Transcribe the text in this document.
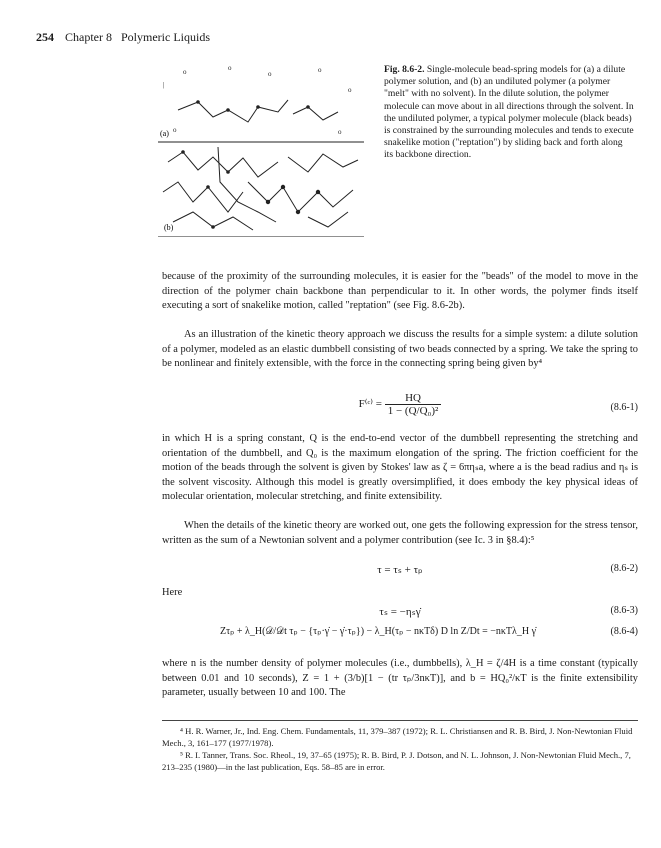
254 Chapter 8 Polymeric Liquids
o	o
o	o
|
o
o	o
(a)
(b)
Fig. 8.6-2. Single-molecule bead-spring models for (a) a dilute polymer solution, and (b) an undiluted polymer (a polymer "melt" with no solvent). In the dilute solution, the polymer molecule can move about in all directions through the solvent. In the undiluted polymer, a typical polymer molecule (black beads) is constrained by the surrounding molecules and tends to execute snakelike motion ("reptation") by sliding back and forth along its backbone direction.
because of the proximity of the surrounding molecules, it is easier for the "beads" of the model to move in the direction of the polymer chain backbone than perpendicular to it. In other words, the polymer finds itself executing a sort of snakelike motion, called "reptation" (see Fig. 8.6-2b).
As an illustration of the kinetic theory approach we discuss the results for a simple system: a dilute solution of a polymer, modeled as an elastic dumbbell consisting of two beads connected by a spring. We take the spring to be nonlinear and finitely extensible, with the force in the connecting spring being given by⁴
F⁽ᶜ⁾ = $\frac{HQ}{\text{1 − (Q/Q₀)²}}$	(8.6-1)
in which H is a spring constant, Q is the end-to-end vector of the dumbbell representing the stretching and orientation of the dumbbell, and Q₀ is the maximum elongation of the spring. The friction coefficient for the motion of the beads through the solvent is given by Stokes' law as ζ = 6πηₛa, where a is the bead radius and ηₛ is the solvent viscosity. Although this model is greatly oversimplified, it does embody the key physical ideas of molecular orientation, molecular stretching, and finite extensibility.
When the details of the kinetic theory are worked out, one gets the following expression for the stress tensor, written as the sum of a Newtonian solvent and a polymer contribution (see Ic. 3 in §8.4):⁵
τ = τₛ + τₚ	(8.6-2)
Here
τₛ = −ηₛγ̇	(8.6-3)
Zτₚ + λ_H(𝒟/𝒟t τₚ − {τₚ·γ̇ − γ̇·τₚ}) − λ_H(τₚ − nκTδ) D ln Z/Dt = −nκTλ_H γ̇	(8.6-4)
where n is the number density of polymer molecules (i.e., dumbbells), λ_H = ζ/4H is a time constant (typically between 0.01 and 10 seconds), Z = 1 + (3/b)[1 − (tr τₚ/3nκT)], and b = HQ₀²/κT is the finite extensibility parameter, usually between 10 and 100. The

⁴ H. R. Warner, Jr., Ind. Eng. Chem. Fundamentals, 11, 379–387 (1972); R. L. Christiansen and R. B. Bird, J. Non-Newtonian Fluid Mech., 3, 161–177 (1977/1978).

⁵ R. I. Tanner, Trans. Soc. Rheol., 19, 37–65 (1975); R. B. Bird, P. J. Dotson, and N. L. Johnson, J. Non-Newtonian Fluid Mech., 7, 213–235 (1980)—in the last publication, Eqs. 58–85 are in error.
